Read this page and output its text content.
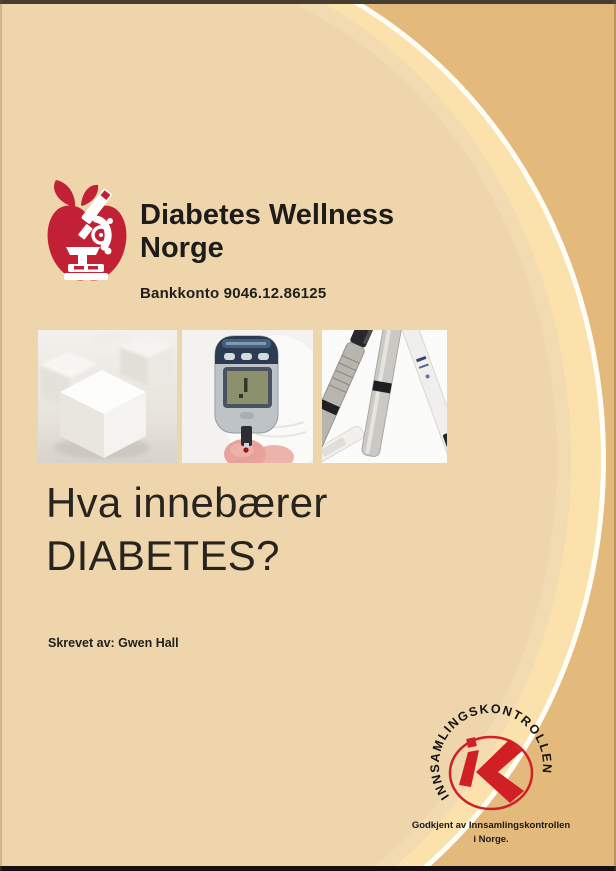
Diabetes Wellness
Norge
Bankkonto 9046.12.86125
Hva innebærer
DIABETES?
Skrevet av: Gwen Hall
INNSAMLINGSKONTROLLEN
Godkjent av Innsamlingskontrollen
i Norge.
